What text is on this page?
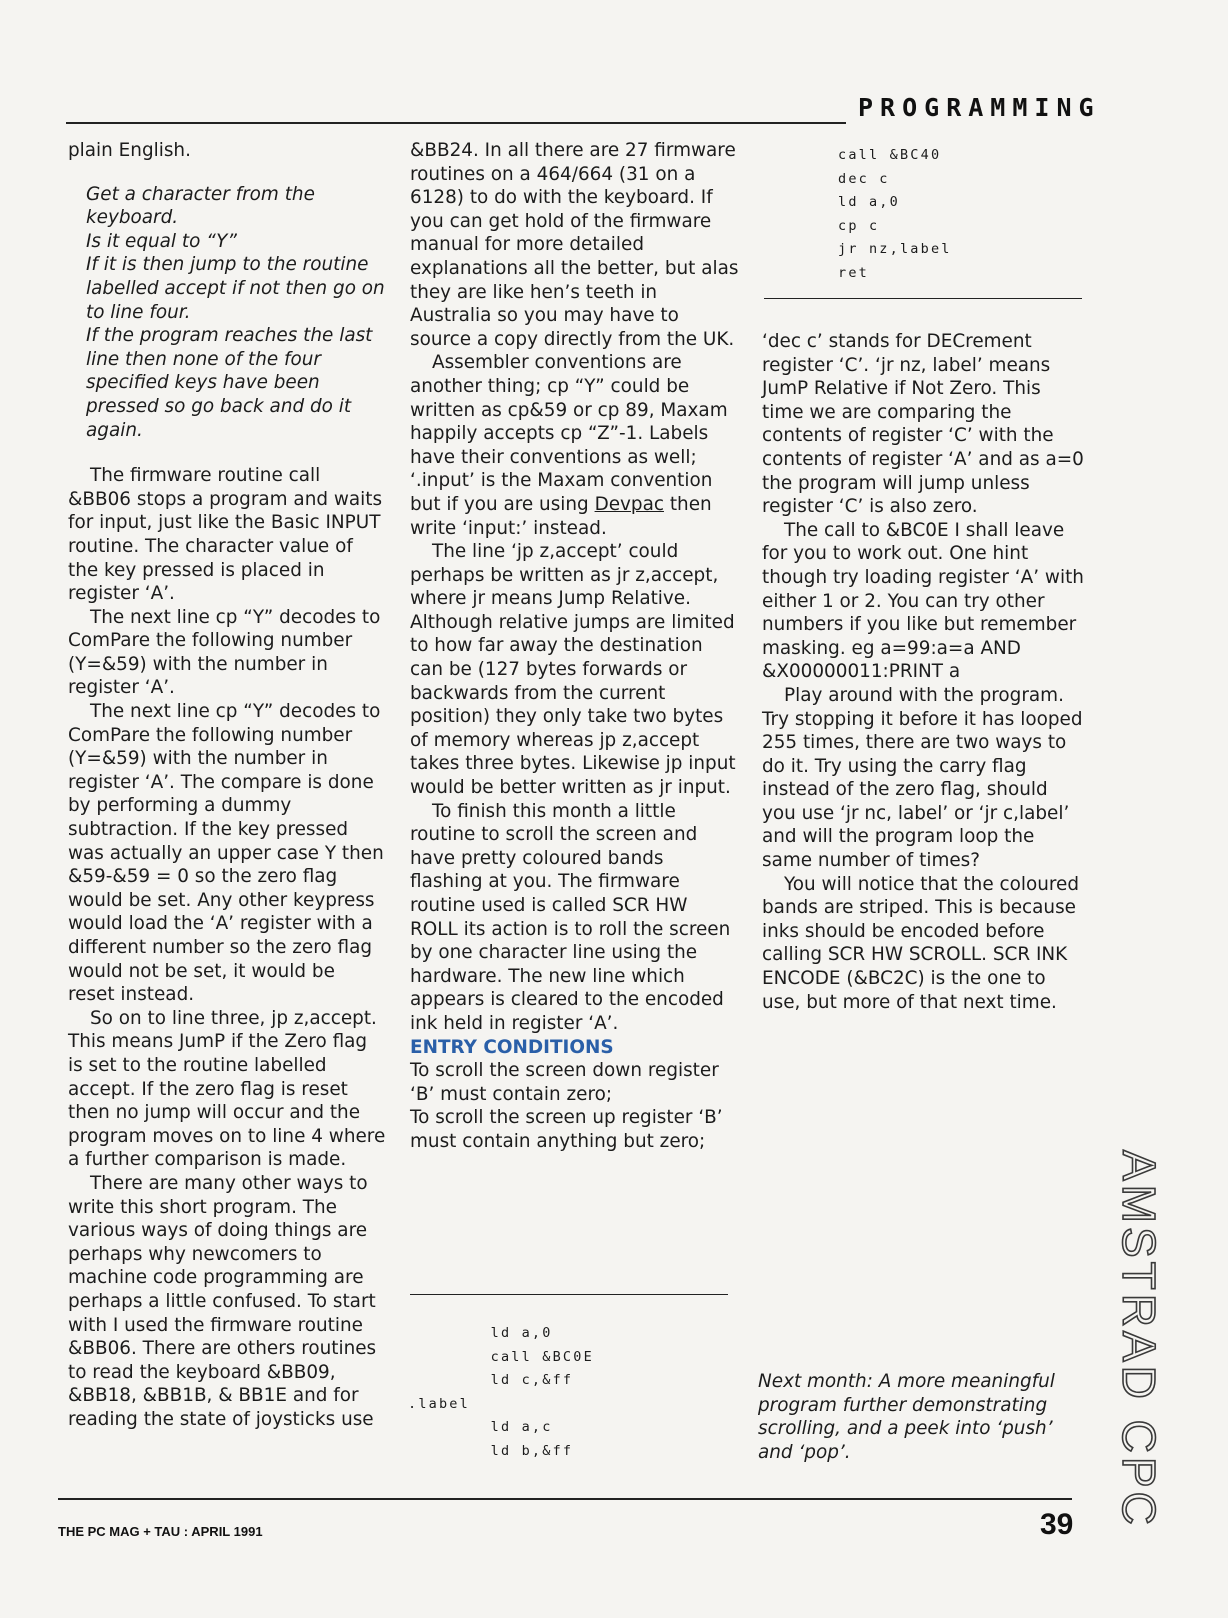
PROGRAMMING

plain English.

Get a character from the keyboard.

Is it equal to “Y”

If it is then jump to the routine labelled accept if not then go on to line four.

If the program reaches the last line then none of the four specified keys have been pressed so go back and do it again.

The firmware routine call &BB06 stops a program and waits for input, just like the Basic INPUT routine. The character value of the key pressed is placed in register ‘A’.

The next line cp “Y” decodes to ComPare the following number (Y=&59) with the number in register ‘A’.

The next line cp “Y” decodes to ComPare the following number (Y=&59) with the number in register ‘A’. The compare is done by performing a dummy subtraction. If the key pressed was actually an upper case Y then &59-&59 = 0 so the zero flag would be set. Any other keypress would load the ‘A’ register with a different number so the zero flag would not be set, it would be reset instead.

So on to line three, jp z,accept. This means JumP if the Zero flag is set to the routine labelled accept. If the zero flag is reset then no jump will occur and the program moves on to line 4 where a further comparison is made.

There are many other ways to write this short program. The various ways of doing things are perhaps why newcomers to machine code programming are perhaps a little confused. To start with I used the firmware routine &BB06. There are others routines to read the keyboard &BB09, &BB18, &BB1B, & BB1E and for reading the state of joysticks use

&BB24. In all there are 27 firmware routines on a 464/664 (31 on a 6128) to do with the keyboard. If you can get hold of the firmware manual for more detailed explanations all the better, but alas they are like hen’s teeth in Australia so you may have to source a copy directly from the UK.

Assembler conventions are another thing; cp “Y” could be written as cp&59 or cp 89, Maxam happily accepts cp “Z”-1. Labels have their conventions as well; ‘.input’ is the Maxam convention but if you are using Devpac then write ‘input:’ instead.

The line ‘jp z,accept’ could perhaps be written as jr z,accept, where jr means Jump Relative. Although relative jumps are limited to how far away the destination can be (127 bytes forwards or backwards from the current position) they only take two bytes of memory whereas jp z,accept takes three bytes. Likewise jp input would be better written as jr input.

To finish this month a little routine to scroll the screen and have pretty coloured bands flashing at you. The firmware routine used is called SCR HW ROLL its action is to roll the screen by one character line using the hardware. The new line which appears is cleared to the encoded ink held in register ‘A’.

ENTRY CONDITIONS

To scroll the screen down register ‘B’ must contain zero;

To scroll the screen up register ‘B’ must contain anything but zero;

ld a,0
call &BC0E
ld c,&ff
.label
ld a,c
ld b,&ff
call &BC40
dec c
ld a,0
cp c
jr nz,label
ret

‘dec c’ stands for DECrement register ‘C’. ‘jr nz, label’ means JumP Relative if Not Zero. This time we are comparing the contents of register ‘C’ with the contents of register ‘A’ and as a=0 the program will jump unless register ‘C’ is also zero.

The call to &BC0E I shall leave for you to work out. One hint though try loading register ‘A’ with either 1 or 2. You can try other numbers if you like but remember masking. eg a=99:a=a AND &X00000011:PRINT a

Play around with the program. Try stopping it before it has looped 255 times, there are two ways to do it. Try using the carry flag instead of the zero flag, should you use ‘jr nc, label’ or ‘jr c,label’ and will the program loop the same number of times?

You will notice that the coloured bands are striped. This is because inks should be encoded before calling SCR HW SCROLL. SCR INK ENCODE (&BC2C) is the one to use, but more of that next time.

Next month: A more meaningful program further demonstrating scrolling, and a peek into ‘push’ and ‘pop’.	AMSTRAD CPC
THE PC MAG + TAU : APRIL 1991	39
